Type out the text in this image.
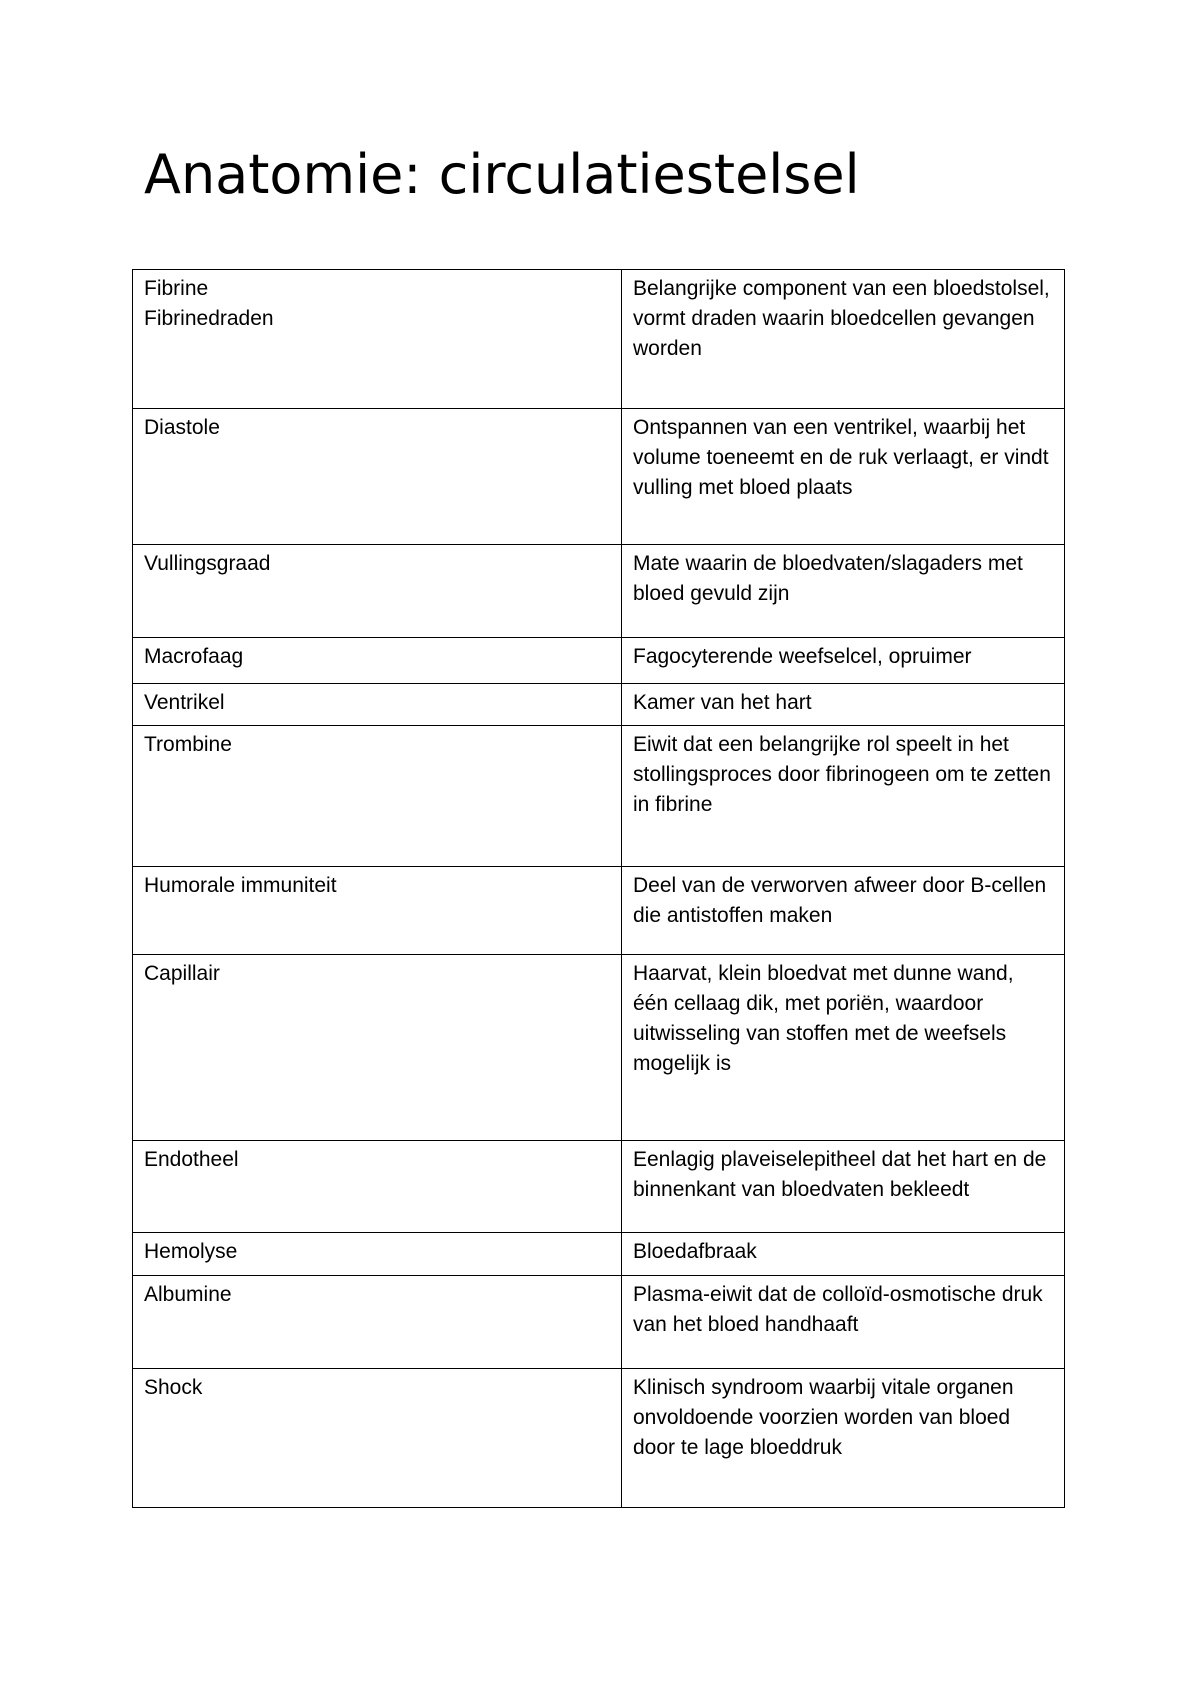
Anatomie: circulatiestelsel
Fibrine
Fibrinedraden	Belangrijke component van een bloedstolsel, vormt draden waarin bloedcellen gevangen worden

Diastole	Ontspannen van een ventrikel, waarbij het volume toeneemt en de ruk verlaagt, er vindt vulling met bloed plaats

Vullingsgraad	Mate waarin de bloedvaten/slagaders met bloed gevuld zijn

Macrofaag	Fagocyterende weefselcel, opruimer

Ventrikel	Kamer van het hart

Trombine	Eiwit dat een belangrijke rol speelt in het stollingsproces door fibrinogeen om te zetten in fibrine

Humorale immuniteit	Deel van de verworven afweer door B-cellen die antistoffen maken

Capillair	Haarvat, klein bloedvat met dunne wand, één cellaag dik, met poriën, waardoor uitwisseling van stoffen met de weefsels mogelijk is

Endotheel	Eenlagig plaveiselepitheel dat het hart en de binnenkant van bloedvaten bekleedt

Hemolyse	Bloedafbraak

Albumine	Plasma-eiwit dat de colloïd-osmotische druk van het bloed handhaaft

Shock	Klinisch syndroom waarbij vitale organen onvoldoende voorzien worden van bloed door te lage bloeddruk
